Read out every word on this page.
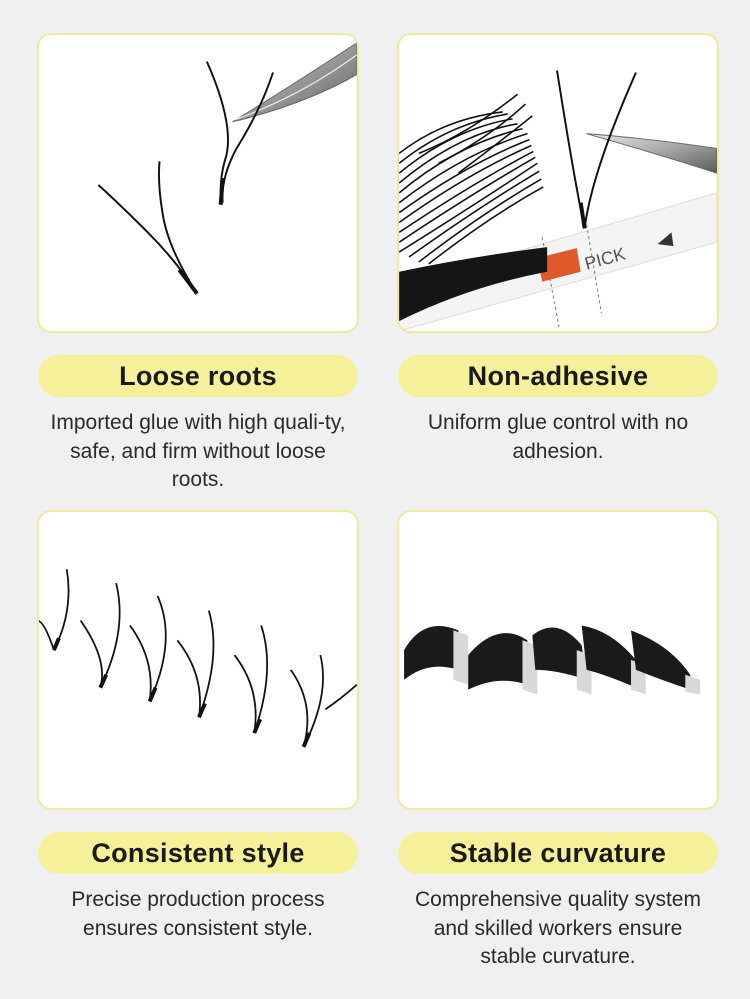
PICK
Loose roots	Non-adhesive
Consistent style	Stable curvature
Imported glue with high quali-ty, safe, and firm without loose roots.
Uniform glue control with no adhesion.
Precise production process ensures consistent style.
Comprehensive quality system and skilled workers ensure stable curvature.
